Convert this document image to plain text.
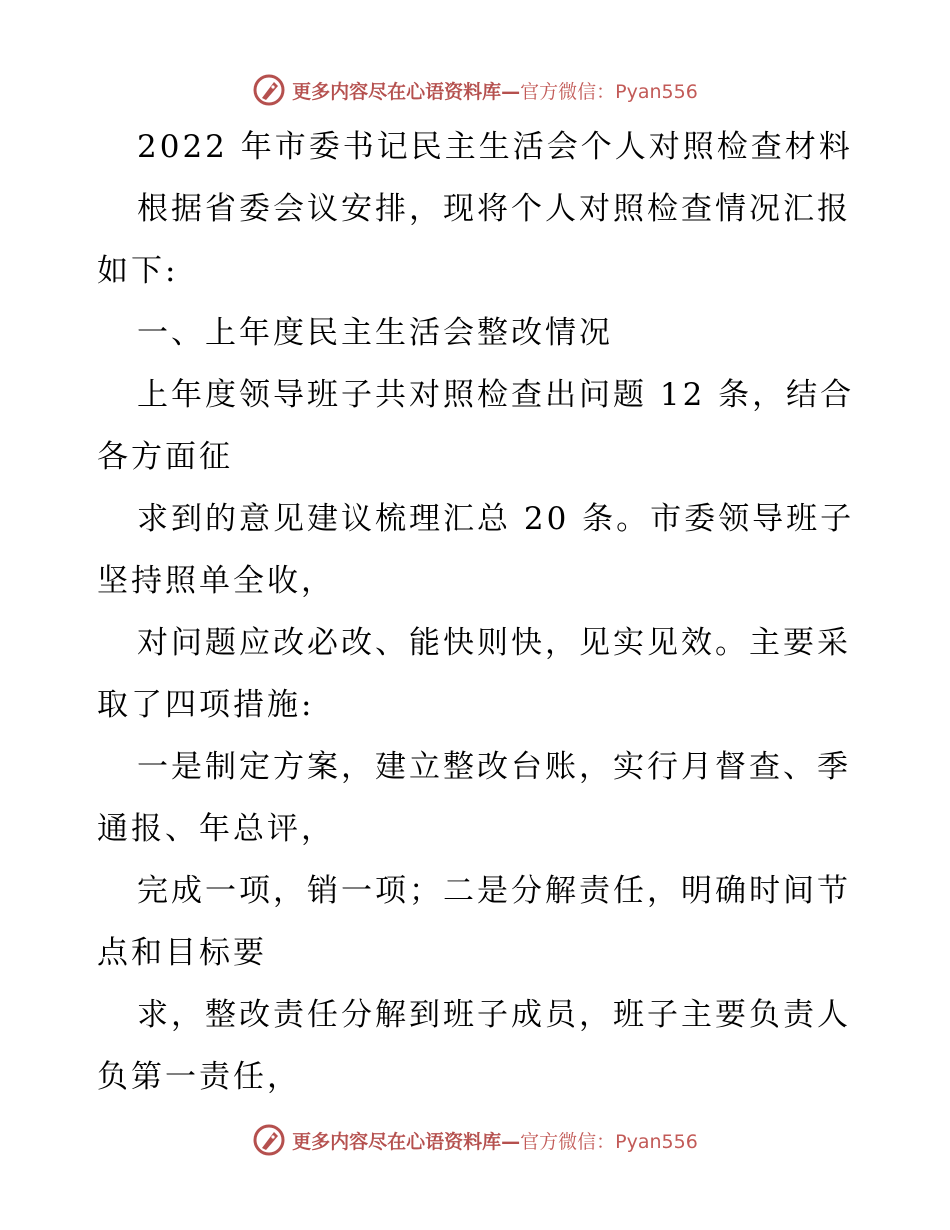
更多内容尽在心语资料库—官方微信：Pyan556
2022 年市委书记民主生活会个人对照检查材料
根据省委会议安排，现将个人对照检查情况汇报
如下:
一、上年度民主生活会整改情况
上年度领导班子共对照检查出问题 12 条，结合
各方面征
求到的意见建议梳理汇总 20 条。市委领导班子
坚持照单全收，
对问题应改必改、能快则快，见实见效。主要采
取了四项措施:
一是制定方案，建立整改台账，实行月督查、季
通报、年总评，
完成一项，销一项；二是分解责任，明确时间节
点和目标要
求，整改责任分解到班子成员，班子主要负责人
负第一责任，
更多内容尽在心语资料库—官方微信：Pyan556
